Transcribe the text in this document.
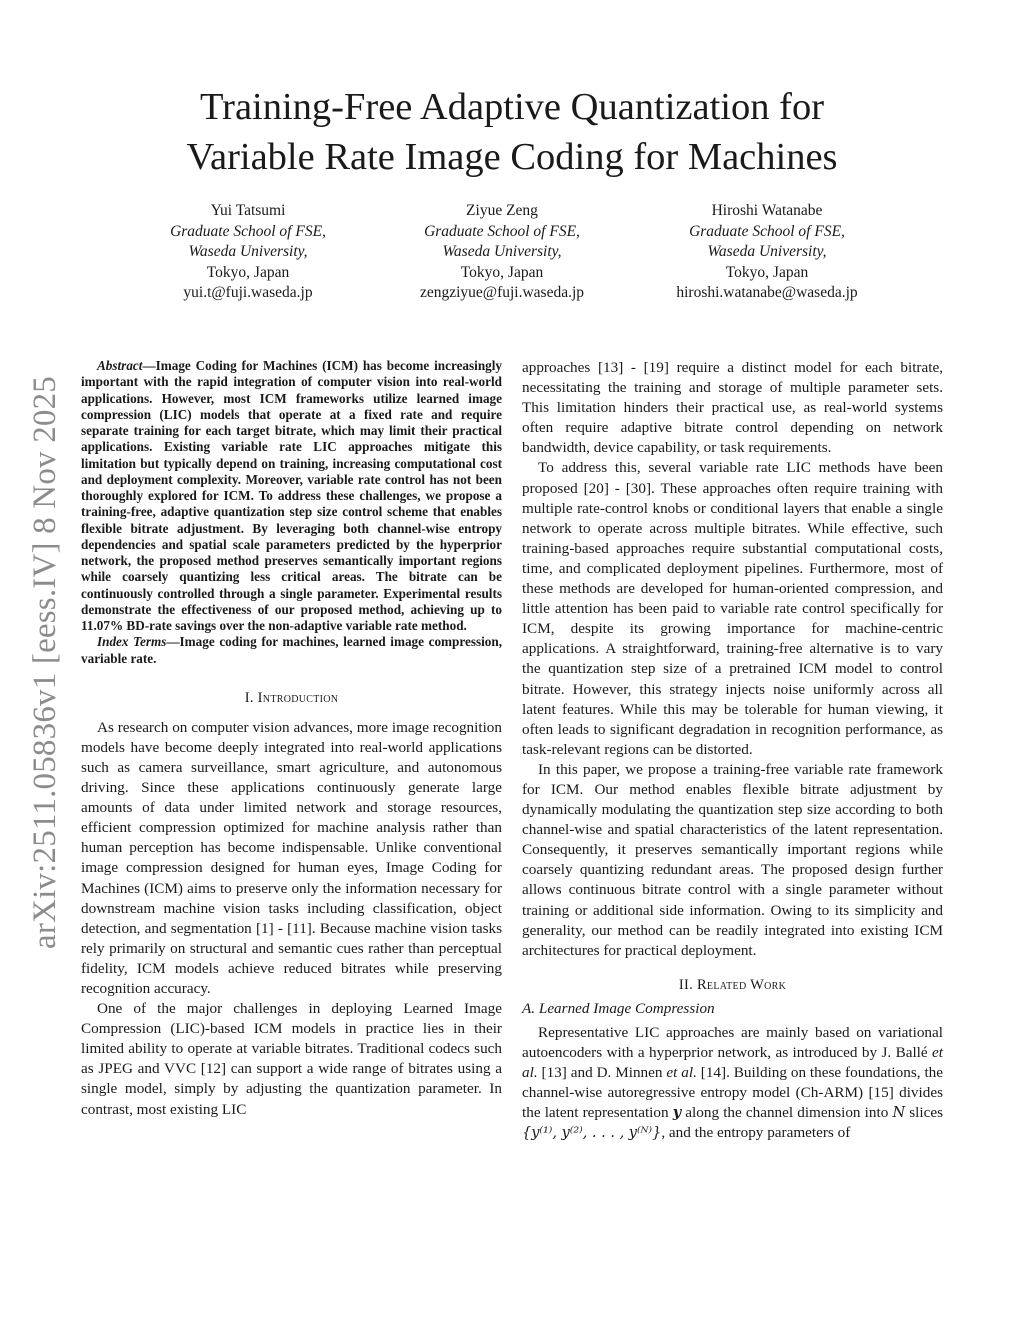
arXiv:2511.05836v1 [eess.IV] 8 Nov 2025
Training-Free Adaptive Quantization for
Variable Rate Image Coding for Machines
Yui Tatsumi
Graduate School of FSE,
Waseda University,
Tokyo, Japan
yui.t@fuji.waseda.jp
Ziyue Zeng
Graduate School of FSE,
Waseda University,
Tokyo, Japan
zengziyue@fuji.waseda.jp
Hiroshi Watanabe
Graduate School of FSE,
Waseda University,
Tokyo, Japan
hiroshi.watanabe@waseda.jp

Abstract—Image Coding for Machines (ICM) has become increasingly important with the rapid integration of computer vision into real-world applications. However, most ICM frameworks utilize learned image compression (LIC) models that operate at a fixed rate and require separate training for each target bitrate, which may limit their practical applications. Existing variable rate LIC approaches mitigate this limitation but typically depend on training, increasing computational cost and deployment complexity. Moreover, variable rate control has not been thoroughly explored for ICM. To address these challenges, we propose a training-free, adaptive quantization step size control scheme that enables flexible bitrate adjustment. By leveraging both channel-wise entropy dependencies and spatial scale parameters predicted by the hyperprior network, the proposed method preserves semantically important regions while coarsely quantizing less critical areas. The bitrate can be continuously controlled through a single parameter. Experimental results demonstrate the effectiveness of our proposed method, achieving up to 11.07% BD-rate savings over the non-adaptive variable rate method.

Index Terms—Image coding for machines, learned image compression, variable rate.

I. Introduction

As research on computer vision advances, more image recognition models have become deeply integrated into real-world applications such as camera surveillance, smart agriculture, and autonomous driving. Since these applications continuously generate large amounts of data under limited network and storage resources, efficient compression optimized for machine analysis rather than human perception has become indispensable. Unlike conventional image compression designed for human eyes, Image Coding for Machines (ICM) aims to preserve only the information necessary for downstream machine vision tasks including classification, object detection, and segmentation [1] - [11]. Because machine vision tasks rely primarily on structural and semantic cues rather than perceptual fidelity, ICM models achieve reduced bitrates while preserving recognition accuracy.

One of the major challenges in deploying Learned Image Compression (LIC)-based ICM models in practice lies in their limited ability to operate at variable bitrates. Traditional codecs such as JPEG and VVC [12] can support a wide range of bitrates using a single model, simply by adjusting the quantization parameter. In contrast, most existing LIC

approaches [13] - [19] require a distinct model for each bitrate, necessitating the training and storage of multiple parameter sets. This limitation hinders their practical use, as real-world systems often require adaptive bitrate control depending on network bandwidth, device capability, or task requirements.

To address this, several variable rate LIC methods have been proposed [20] - [30]. These approaches often require training with multiple rate-control knobs or conditional layers that enable a single network to operate across multiple bitrates. While effective, such training-based approaches require substantial computational costs, time, and complicated deployment pipelines. Furthermore, most of these methods are developed for human-oriented compression, and little attention has been paid to variable rate control specifically for ICM, despite its growing importance for machine-centric applications. A straightforward, training-free alternative is to vary the quantization step size of a pretrained ICM model to control bitrate. However, this strategy injects noise uniformly across all latent features. While this may be tolerable for human viewing, it often leads to significant degradation in recognition performance, as task-relevant regions can be distorted.

In this paper, we propose a training-free variable rate framework for ICM. Our method enables flexible bitrate adjustment by dynamically modulating the quantization step size according to both channel-wise and spatial characteristics of the latent representation. Consequently, it preserves semantically important regions while coarsely quantizing redundant areas. The proposed design further allows continuous bitrate control with a single parameter without training or additional side information. Owing to its simplicity and generality, our method can be readily integrated into existing ICM architectures for practical deployment.

II. Related Work
A. Learned Image Compression

Representative LIC approaches are mainly based on variational autoencoders with a hyperprior network, as introduced by J. Ballé et al. [13] and D. Minnen et al. [14]. Building on these foundations, the channel-wise autoregressive entropy model (Ch-ARM) [15] divides the latent representation y along the channel dimension into N slices {y⁽¹⁾, y⁽²⁾, . . . , y⁽ᴺ⁾}, and the entropy parameters of
